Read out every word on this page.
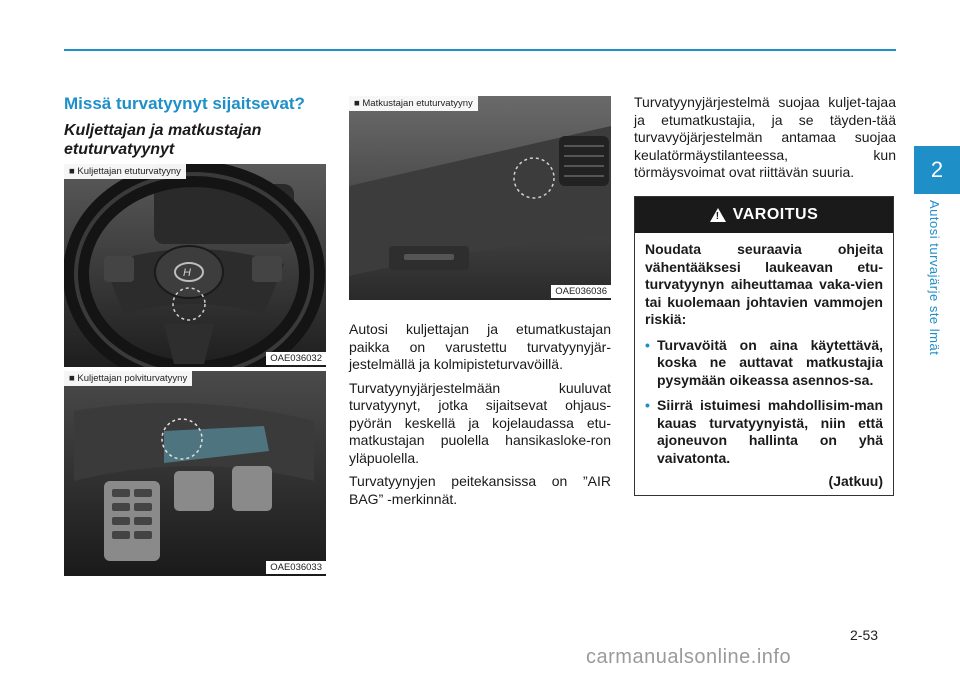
2
Autosi turvajärje ste lmät
Missä turvatyynyt sijaitsevat?
Kuljettajan ja matkustajan etuturvatyynyt
H
■ Kuljettajan etuturvatyyny
OAE036032
■ Kuljettajan polviturvatyyny
OAE036033
■ Matkustajan etuturvatyyny
OAE036036

Autosi kuljettajan ja etumatkustajan paikka on varustettu turvatyynyjär-jestelmällä ja kolmipisteturvavöillä.

Turvatyynyjärjestelmään kuuluvat turvatyynyt, jotka sijaitsevat ohjaus-pyörän keskellä ja kojelaudassa etu-matkustajan puolella hansikasloke-ron yläpuolella.

Turvatyynyjen peitekansissa on ”AIR BAG” -merkinnät.

Turvatyynyjärjestelmä suojaa kuljet-tajaa ja etumatkustajia, ja se täyden-tää turvavyöjärjestelmän antamaa suojaa keulatörmäystilanteessa, kun törmäysvoimat ovat riittävän suuria.

! VAROITUS

Noudata seuraavia ohjeita vähentääksesi laukeavan etu-turvatyynyn aiheuttamaa vaka-vien tai kuolemaan johtavien vammojen riskiä:

• Turvavöitä on aina käytettävä, koska ne auttavat matkustajia pysymään oikeassa asennos-sa.
• Siirrä istuimesi mahdollisim-man kauas turvatyynyistä, niin että ajoneuvon hallinta on yhä vaivatonta.
(Jatkuu)
2-53
carmanualsonline.info
